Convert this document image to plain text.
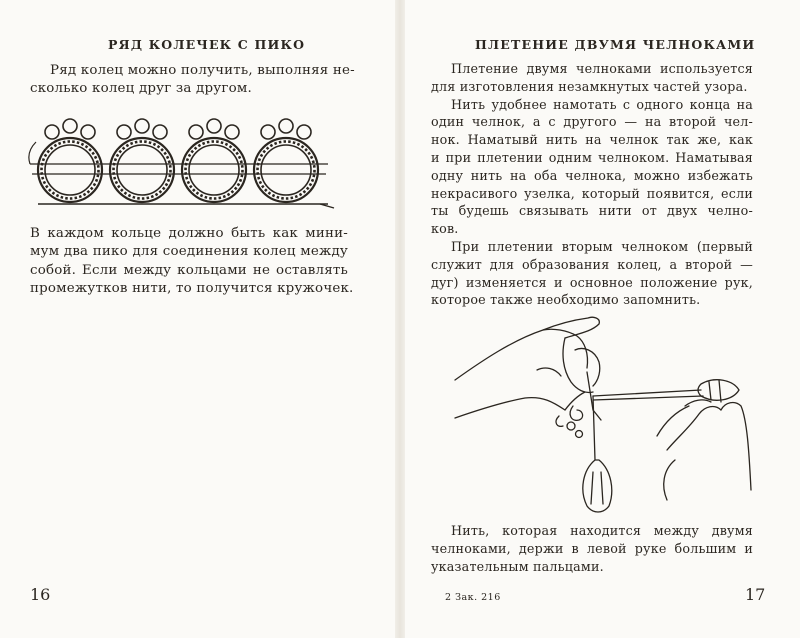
РЯД КОЛЕЧЕК С ПИКО
Ряд колец можно получить, выполняя не-
сколько колец друг за другом.
В каждом кольце должно быть как мини-
мум два пико для соединения колец между
собой. Если между кольцами не оставлять
промежутков нити, то получится кружочек.
16
ПЛЕТЕНИЕ ДВУМЯ ЧЕЛНОКАМИ
Плетение двумя челноками используется
для изготовления незамкнутых частей узора.
Нить удобнее намотать с одного конца на
один челнок, а с другого — на второй чел-
нок. Наматывй нить на челнок так же, как
и при плетении одним челноком. Наматывая
одну нить на оба челнока, можно избежать
некрасивого узелка, который появится, если
ты будешь связывать нити от двух челно-
ков.
При плетении вторым челноком (первый
служит для образования колец, а второй —
дуг) изменяется и основное положение рук,
которое также необходимо запомнить.
Нить, которая находится между двумя
челноками, держи в левой руке большим и
указательным пальцами.
2 Зак. 216	17
